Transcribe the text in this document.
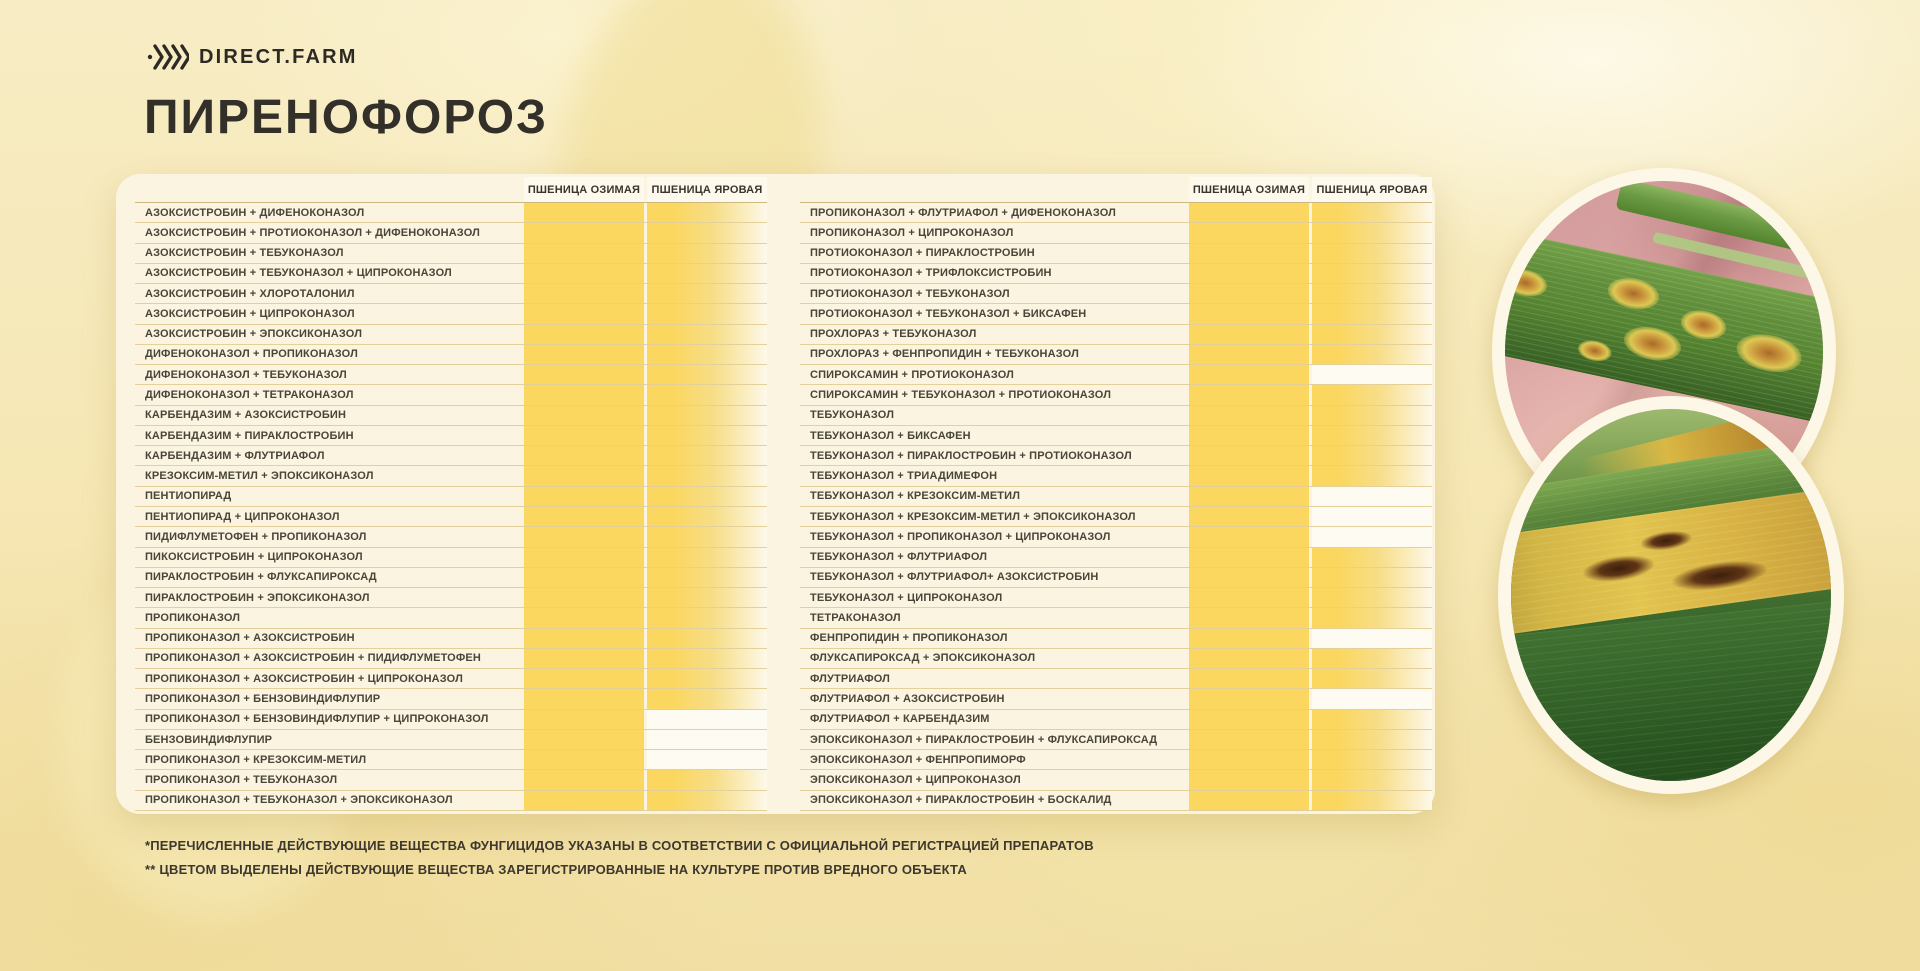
DIRECT.FARM
ПИРЕНОФОРОЗ
ПШЕНИЦА ОЗИМАЯ	ПШЕНИЦА ЯРОВАЯ
АЗОКСИСТРОБИН + ДИФЕНОКОНАЗОЛ
АЗОКСИСТРОБИН + ПРОТИОКОНАЗОЛ + ДИФЕНОКОНАЗОЛ
АЗОКСИСТРОБИН + ТЕБУКОНАЗОЛ
АЗОКСИСТРОБИН + ТЕБУКОНАЗОЛ + ЦИПРОКОНАЗОЛ
АЗОКСИСТРОБИН + ХЛОРОТАЛОНИЛ
АЗОКСИСТРОБИН + ЦИПРОКОНАЗОЛ
АЗОКСИСТРОБИН + ЭПОКСИКОНАЗОЛ
ДИФЕНОКОНАЗОЛ + ПРОПИКОНАЗОЛ
ДИФЕНОКОНАЗОЛ + ТЕБУКОНАЗОЛ
ДИФЕНОКОНАЗОЛ + ТЕТРАКОНАЗОЛ
КАРБЕНДАЗИМ + АЗОКСИСТРОБИН
КАРБЕНДАЗИМ + ПИРАКЛОСТРОБИН
КАРБЕНДАЗИМ + ФЛУТРИАФОЛ
КРЕЗОКСИМ-МЕТИЛ + ЭПОКСИКОНАЗОЛ
ПЕНТИОПИРАД
ПЕНТИОПИРАД + ЦИПРОКОНАЗОЛ
ПИДИФЛУМЕТОФЕН + ПРОПИКОНАЗОЛ
ПИКОКСИСТРОБИН + ЦИПРОКОНАЗОЛ
ПИРАКЛОСТРОБИН + ФЛУКСАПИРОКСАД
ПИРАКЛОСТРОБИН + ЭПОКСИКОНАЗОЛ
ПРОПИКОНАЗОЛ
ПРОПИКОНАЗОЛ + АЗОКСИСТРОБИН
ПРОПИКОНАЗОЛ + АЗОКСИСТРОБИН + ПИДИФЛУМЕТОФЕН
ПРОПИКОНАЗОЛ + АЗОКСИСТРОБИН + ЦИПРОКОНАЗОЛ
ПРОПИКОНАЗОЛ + БЕНЗОВИНДИФЛУПИР
ПРОПИКОНАЗОЛ + БЕНЗОВИНДИФЛУПИР + ЦИПРОКОНАЗОЛ
БЕНЗОВИНДИФЛУПИР
ПРОПИКОНАЗОЛ + КРЕЗОКСИМ-МЕТИЛ
ПРОПИКОНАЗОЛ + ТЕБУКОНАЗОЛ
ПРОПИКОНАЗОЛ + ТЕБУКОНАЗОЛ + ЭПОКСИКОНАЗОЛ
ПШЕНИЦА ОЗИМАЯ	ПШЕНИЦА ЯРОВАЯ
ПРОПИКОНАЗОЛ + ФЛУТРИАФОЛ + ДИФЕНОКОНАЗОЛ
ПРОПИКОНАЗОЛ + ЦИПРОКОНАЗОЛ
ПРОТИОКОНАЗОЛ + ПИРАКЛОСТРОБИН
ПРОТИОКОНАЗОЛ + ТРИФЛОКСИСТРОБИН
ПРОТИОКОНАЗОЛ + ТЕБУКОНАЗОЛ
ПРОТИОКОНАЗОЛ + ТЕБУКОНАЗОЛ + БИКСАФЕН
ПРОХЛОРАЗ + ТЕБУКОНАЗОЛ
ПРОХЛОРАЗ + ФЕНПРОПИДИН + ТЕБУКОНАЗОЛ
СПИРОКСАМИН + ПРОТИОКОНАЗОЛ
СПИРОКСАМИН + ТЕБУКОНАЗОЛ + ПРОТИОКОНАЗОЛ
ТЕБУКОНАЗОЛ
ТЕБУКОНАЗОЛ + БИКСАФЕН
ТЕБУКОНАЗОЛ + ПИРАКЛОСТРОБИН + ПРОТИОКОНАЗОЛ
ТЕБУКОНАЗОЛ + ТРИАДИМЕФОН
ТЕБУКОНАЗОЛ + КРЕЗОКСИМ-МЕТИЛ
ТЕБУКОНАЗОЛ + КРЕЗОКСИМ-МЕТИЛ + ЭПОКСИКОНАЗОЛ
ТЕБУКОНАЗОЛ + ПРОПИКОНАЗОЛ + ЦИПРОКОНАЗОЛ
ТЕБУКОНАЗОЛ + ФЛУТРИАФОЛ
ТЕБУКОНАЗОЛ + ФЛУТРИАФОЛ+ АЗОКСИСТРОБИН
ТЕБУКОНАЗОЛ + ЦИПРОКОНАЗОЛ
ТЕТРАКОНАЗОЛ
ФЕНПРОПИДИН + ПРОПИКОНАЗОЛ
ФЛУКСАПИРОКСАД + ЭПОКСИКОНАЗОЛ
ФЛУТРИАФОЛ
ФЛУТРИАФОЛ + АЗОКСИСТРОБИН
ФЛУТРИАФОЛ + КАРБЕНДАЗИМ
ЭПОКСИКОНАЗОЛ + ПИРАКЛОСТРОБИН + ФЛУКСАПИРОКСАД
ЭПОКСИКОНАЗОЛ + ФЕНПРОПИМОРФ
ЭПОКСИКОНАЗОЛ + ЦИПРОКОНАЗОЛ
ЭПОКСИКОНАЗОЛ + ПИРАКЛОСТРОБИН + БОСКАЛИД
*ПЕРЕЧИСЛЕННЫЕ ДЕЙСТВУЮЩИЕ ВЕЩЕСТВА ФУНГИЦИДОВ УКАЗАНЫ В СООТВЕТСТВИИ С ОФИЦИАЛЬНОЙ РЕГИСТРАЦИЕЙ ПРЕПАРАТОВ
** ЦВЕТОМ ВЫДЕЛЕНЫ ДЕЙСТВУЮЩИЕ ВЕЩЕСТВА ЗАРЕГИСТРИРОВАННЫЕ НА КУЛЬТУРЕ ПРОТИВ ВРЕДНОГО ОБЪЕКТА
